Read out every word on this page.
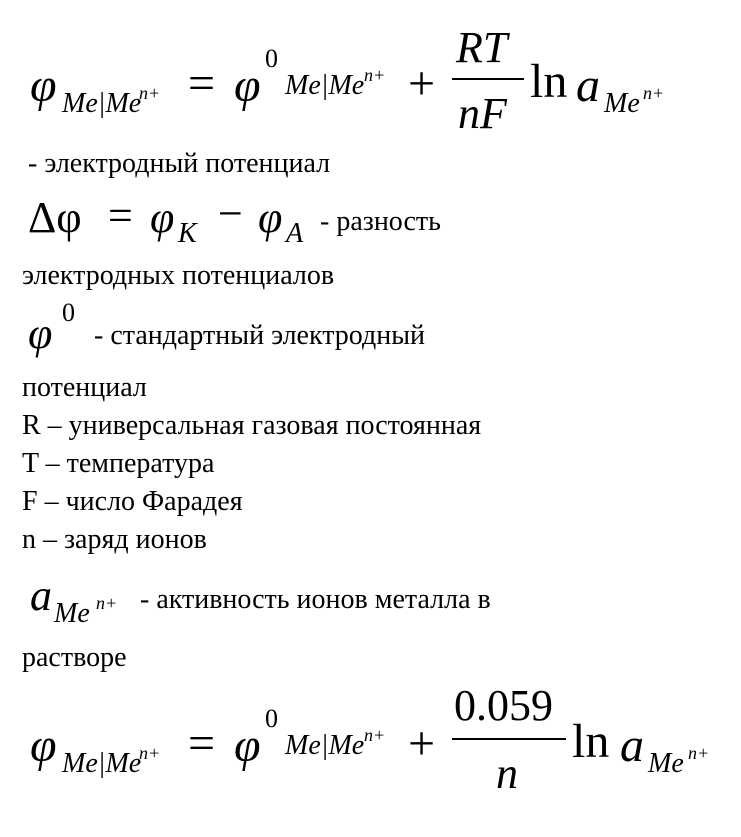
φ Me|Me
n+ = φ
0
Me|Me n+ +
RT
nF
ln a Me n+
- электродный потенциал
Δφ = φ K − φ A - разность
электродных потенциалов
φ 0
- стандартный электродный
потенциал
R – универсальная газовая постоянная
T – температура
F – число Фарадея
n – заряд ионов
a Me n+ - активность ионов металла в
растворе
φ Me|Me
n+ = φ
0
Me|Me n+ +
0.059
n
ln a Me n+
